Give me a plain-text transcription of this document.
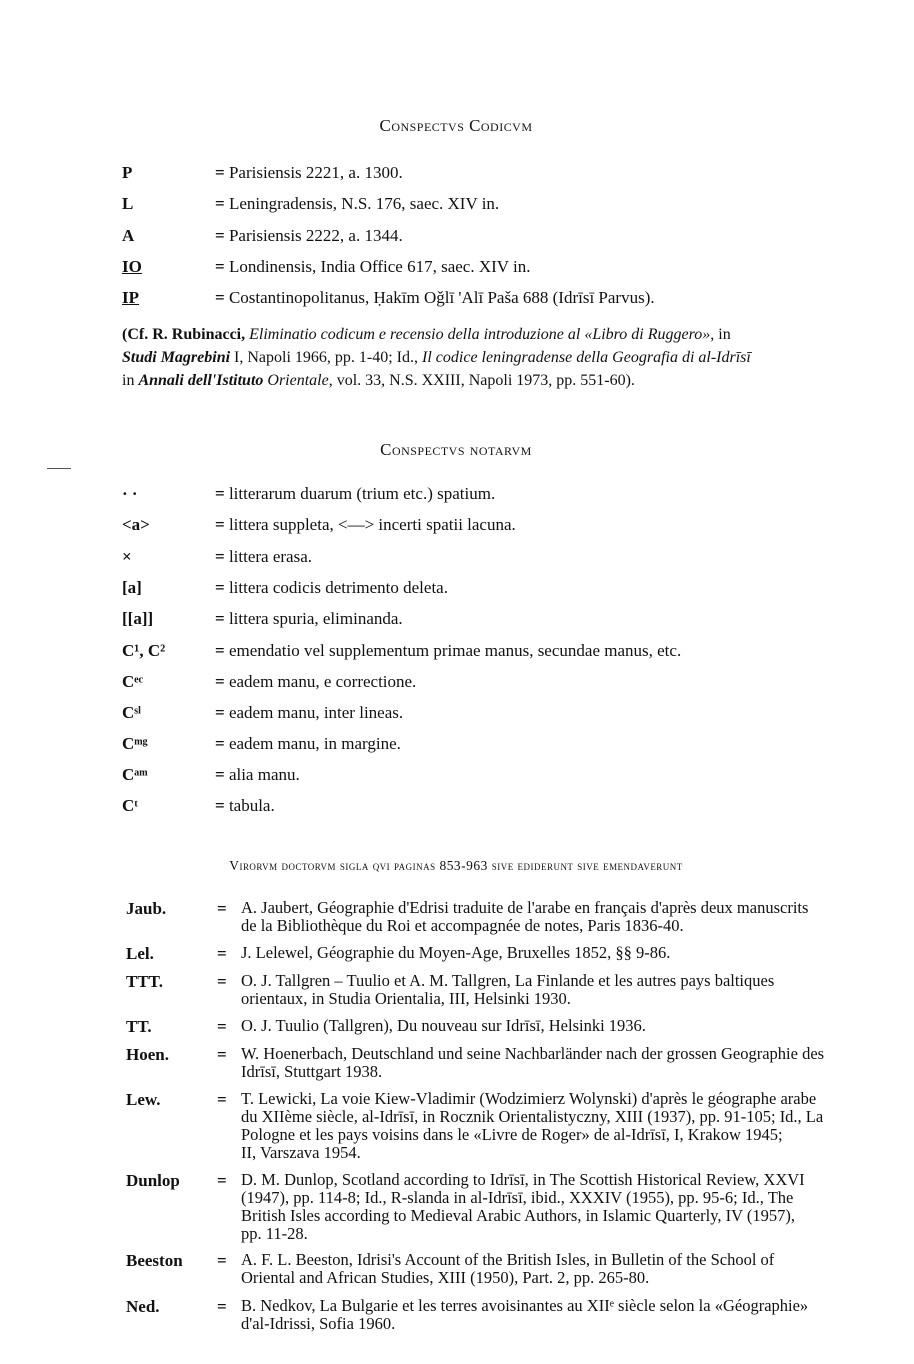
Conspectvs Codicvm
P	= Parisiensis 2221, a. 1300.
L	= Leningradensis, N.S. 176, saec. XIV in.
A	= Parisiensis 2222, a. 1344.
IO	= Londinensis, India Office 617, saec. XIV in.
IP	= Costantinopolitanus, Ḥakīm Oǧlī 'Alī Paša 688 (Idrīsī Parvus).
(Cf. R. Rubinacci, Eliminatio codicum e recensio della introduzione al «Libro di Ruggero», in
Studi Magrebini I, Napoli 1966, pp. 1-40; Id., Il codice leningradense della Geografia di al-Idrīsī
in Annali dell'Istituto Orientale, vol. 33, N.S. XXIII, Napoli 1973, pp. 551-60).
Conspectvs notarvm
· ·	= litterarum duarum (trium etc.) spatium.
<a>	= littera suppleta, <—> incerti spatii lacuna.
×	= littera erasa.
[a]	= littera codicis detrimento deleta.
[[a]]	= littera spuria, eliminanda.
C¹, C²	= emendatio vel supplementum primae manus, secundae manus, etc.
Cᵉᶜ	= eadem manu, e correctione.
Cˢˡ	= eadem manu, inter lineas.
Cᵐᵍ	= eadem manu, in margine.
Cᵃᵐ	= alia manu.
Cᵗ	= tabula.
Virorvm doctorvm sigla qvi paginas 853-963 sive ediderunt sive emendaverunt
Jaub.	= A. Jaubert, Géographie d'Edrisi traduite de l'arabe en français d'après deux manuscrits
de la Bibliothèque du Roi et accompagnée de notes, Paris 1836-40.
Lel.	= J. Lelewel, Géographie du Moyen-Age, Bruxelles 1852, §§ 9-86.
TTT.	= O. J. Tallgren – Tuulio et A. M. Tallgren, La Finlande et les autres pays baltiques
orientaux, in Studia Orientalia, III, Helsinki 1930.
TT.	= O. J. Tuulio (Tallgren), Du nouveau sur Idrīsī, Helsinki 1936.
Hoen.	= W. Hoenerbach, Deutschland und seine Nachbarländer nach der grossen Geographie des
Idrīsī, Stuttgart 1938.
Lew.	= T. Lewicki, La voie Kiew-Vladimir (Wodzimierz Wolynski) d'après le géographe arabe
du XIIème siècle, al-Idrīsī, in Rocznik Orientalistyczny, XIII (1937), pp. 91-105; Id., La
Pologne et les pays voisins dans le «Livre de Roger» de al-Idrīsī, I, Krakow 1945;
II, Varszava 1954.
Dunlop = D. M. Dunlop, Scotland according to Idrīsī, in The Scottish Historical Review, XXVI
(1947), pp. 114-8; Id., R-slanda in al-Idrīsī, ibid., XXXIV (1955), pp. 95-6; Id., The
British Isles according to Medieval Arabic Authors, in Islamic Quarterly, IV (1957),
pp. 11-28.
Beeston = A. F. L. Beeston, Idrisi's Account of the British Isles, in Bulletin of the School of
Oriental and African Studies, XIII (1950), Part. 2, pp. 265-80.
Ned.	= B. Nedkov, La Bulgarie et les terres avoisinantes au XIIᵉ siècle selon la «Géographie»
d'al-Idrissi, Sofia 1960.
